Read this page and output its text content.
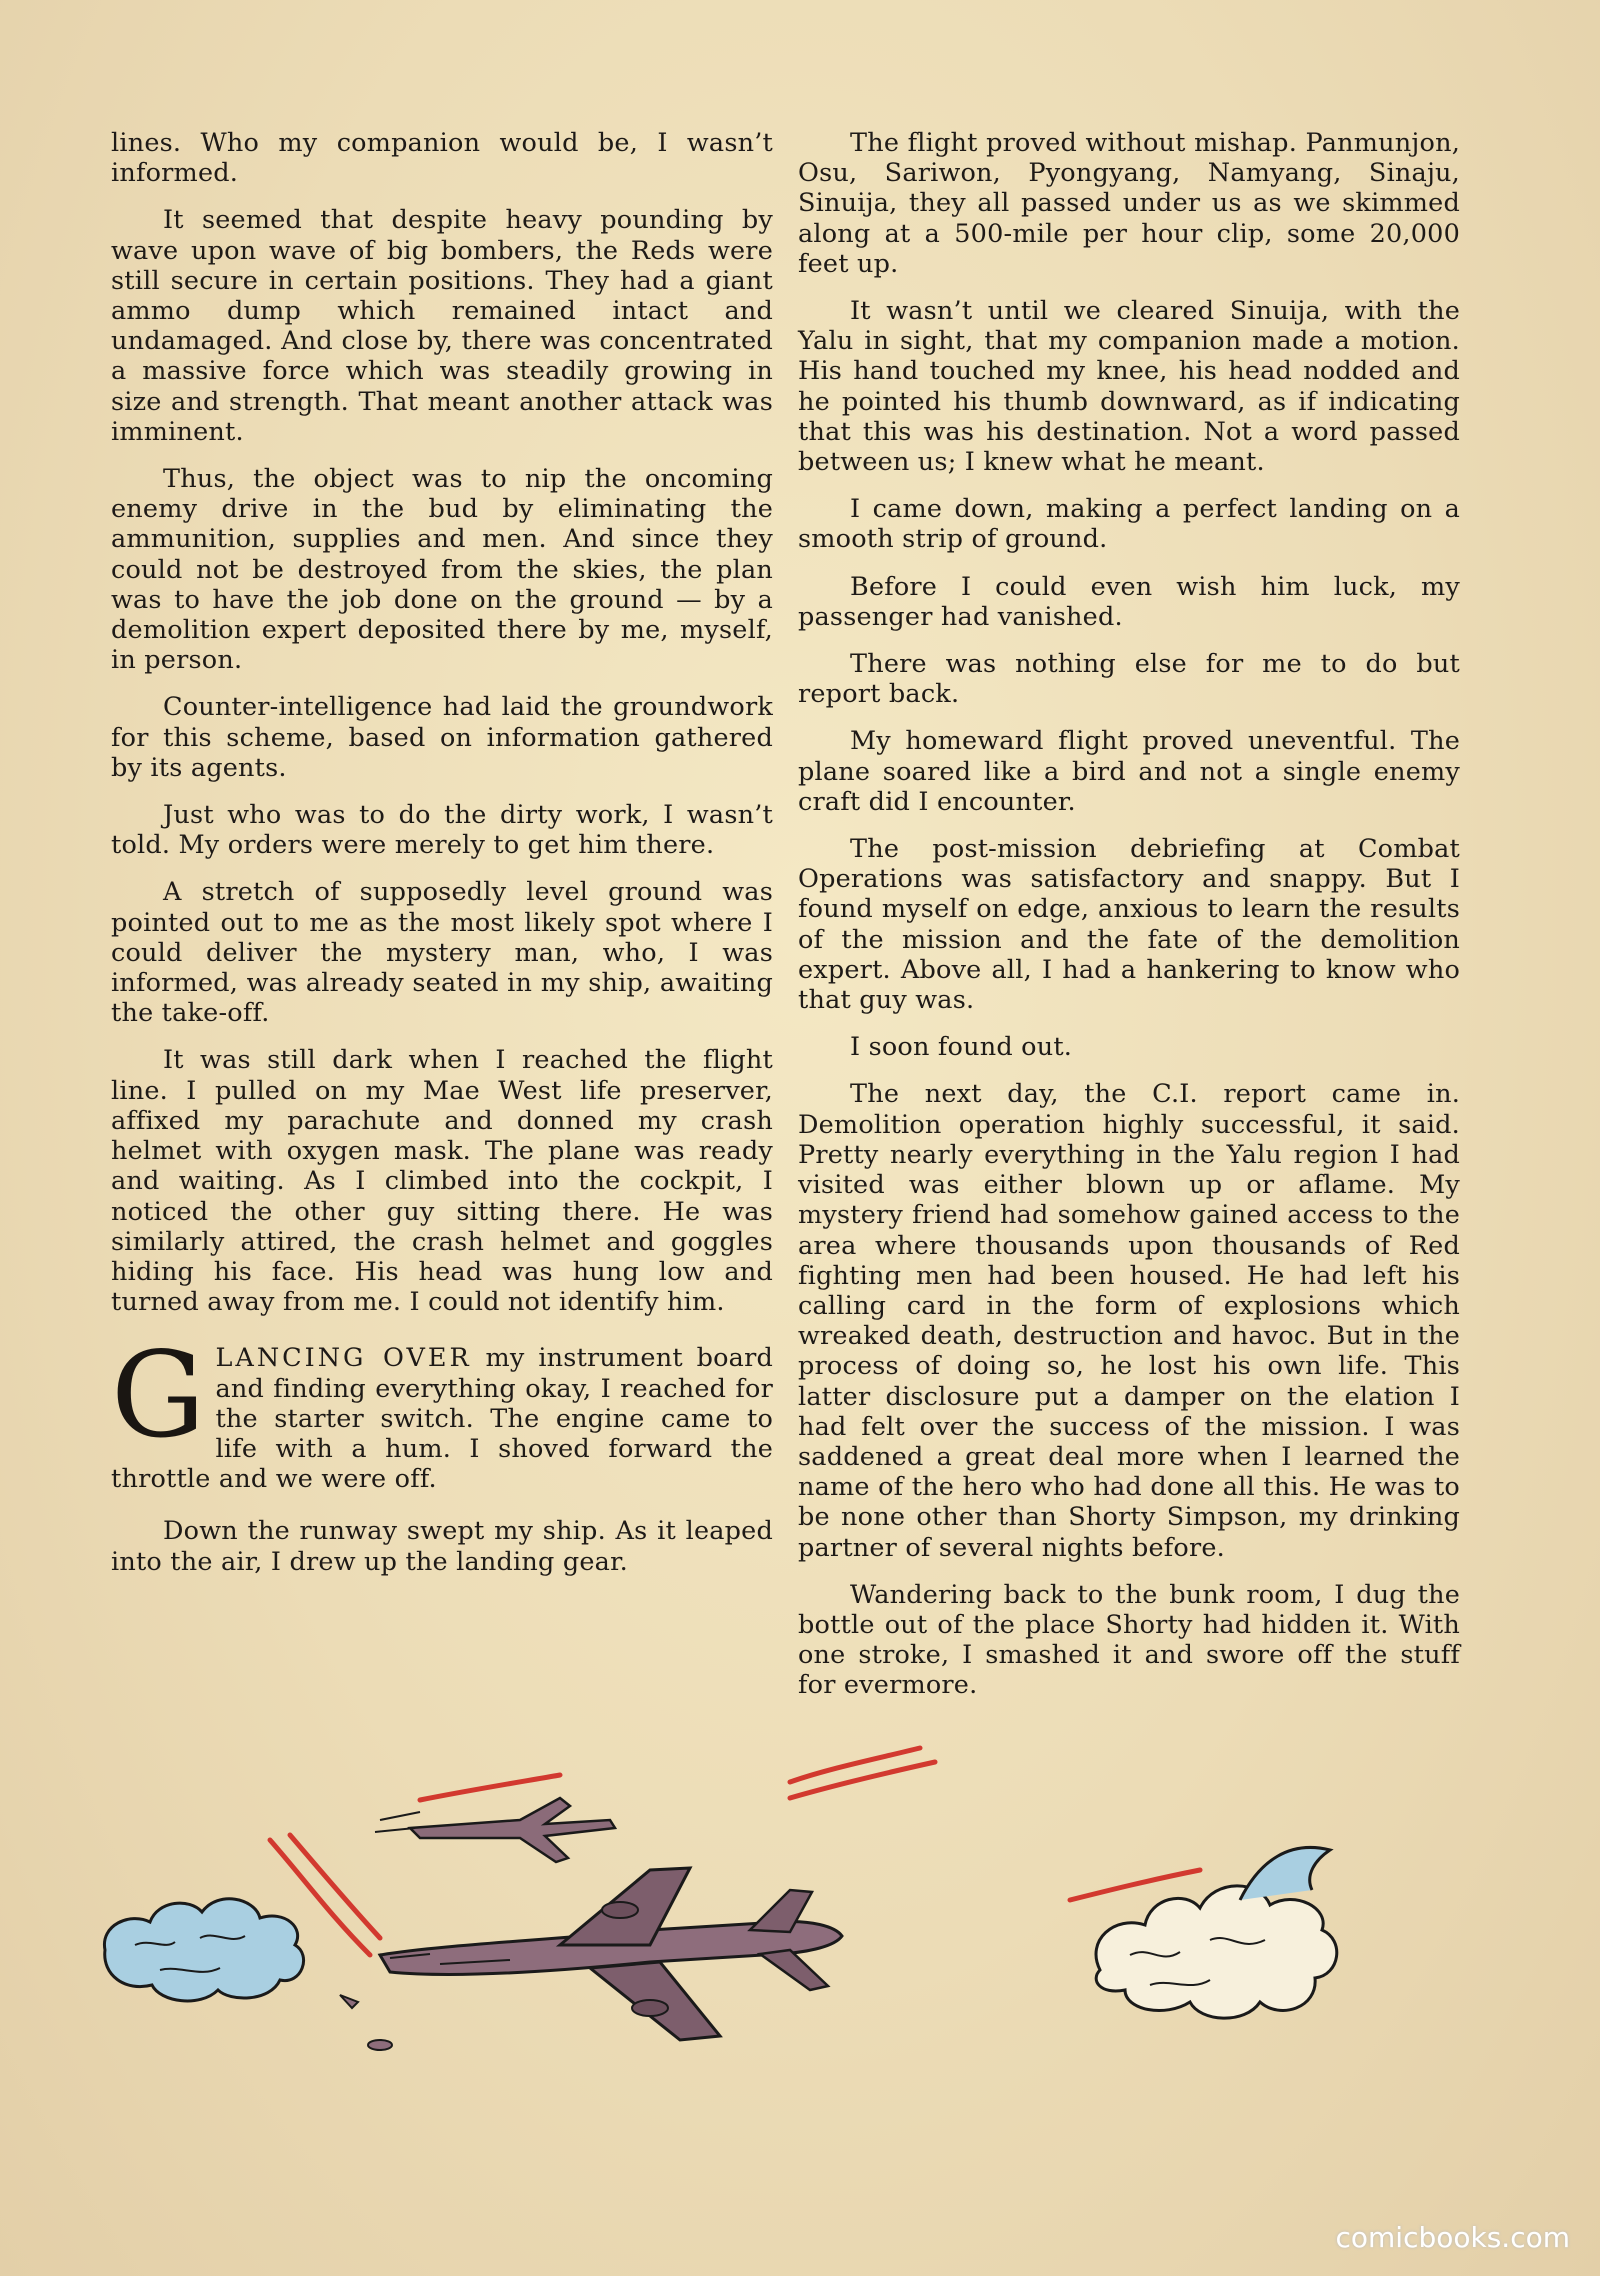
lines. Who my companion would be, I wasn’t informed.

It seemed that despite heavy pounding by wave upon wave of big bombers, the Reds were still secure in certain positions. They had a giant ammo dump which remained intact and undamaged. And close by, there was concentrated a massive force which was steadily growing in size and strength. That meant another attack was imminent.

Thus, the object was to nip the oncoming enemy drive in the bud by eliminating the ammunition, supplies and men. And since they could not be destroyed from the skies, the plan was to have the job done on the ground — by a demolition expert deposited there by me, myself, in person.

Counter-intelligence had laid the groundwork for this scheme, based on information gathered by its agents.

Just who was to do the dirty work, I wasn’t told. My orders were merely to get him there.

A stretch of supposedly level ground was pointed out to me as the most likely spot where I could deliver the mystery man, who, I was informed, was already seated in my ship, awaiting the take-off.

It was still dark when I reached the flight line. I pulled on my Mae West life preserver, affixed my parachute and donned my crash helmet with oxygen mask. The plane was ready and waiting. As I climbed into the cockpit, I noticed the other guy sitting there. He was similarly attired, the crash helmet and goggles hiding his face. His head was hung low and turned away from me. I could not identify him.

GLANCING OVER my instrument board and finding everything okay, I reached for the starter switch. The engine came to life with a hum. I shoved forward the throttle and we were off.

Down the runway swept my ship. As it leaped into the air, I drew up the landing gear.

The flight proved without mishap. Panmunjon, Osu, Sariwon, Pyongyang, Namyang, Sinaju, Sinuija, they all passed under us as we skimmed along at a 500-mile per hour clip, some 20,000 feet up.

It wasn’t until we cleared Sinuija, with the Yalu in sight, that my companion made a motion. His hand touched my knee, his head nodded and he pointed his thumb downward, as if indicating that this was his destination. Not a word passed between us; I knew what he meant.

I came down, making a perfect landing on a smooth strip of ground.

Before I could even wish him luck, my passenger had vanished.

There was nothing else for me to do but report back.

My homeward flight proved uneventful. The plane soared like a bird and not a single enemy craft did I encounter.

The post-mission debriefing at Combat Operations was satisfactory and snappy. But I found myself on edge, anxious to learn the results of the mission and the fate of the demolition expert. Above all, I had a hankering to know who that guy was.

I soon found out.

The next day, the C.I. report came in. Demolition operation highly successful, it said. Pretty nearly everything in the Yalu region I had visited was either blown up or aflame. My mystery friend had somehow gained access to the area where thousands upon thousands of Red fighting men had been housed. He had left his calling card in the form of explosions which wreaked death, destruction and havoc. But in the process of doing so, he lost his own life. This latter disclosure put a damper on the elation I had felt over the success of the mission. I was saddened a great deal more when I learned the name of the hero who had done all this. He was to be none other than Shorty Simpson, my drinking partner of several nights before.

Wandering back to the bunk room, I dug the bottle out of the place Shorty had hidden it. With one stroke, I smashed it and swore off the stuff for evermore.

comicbooks.com
